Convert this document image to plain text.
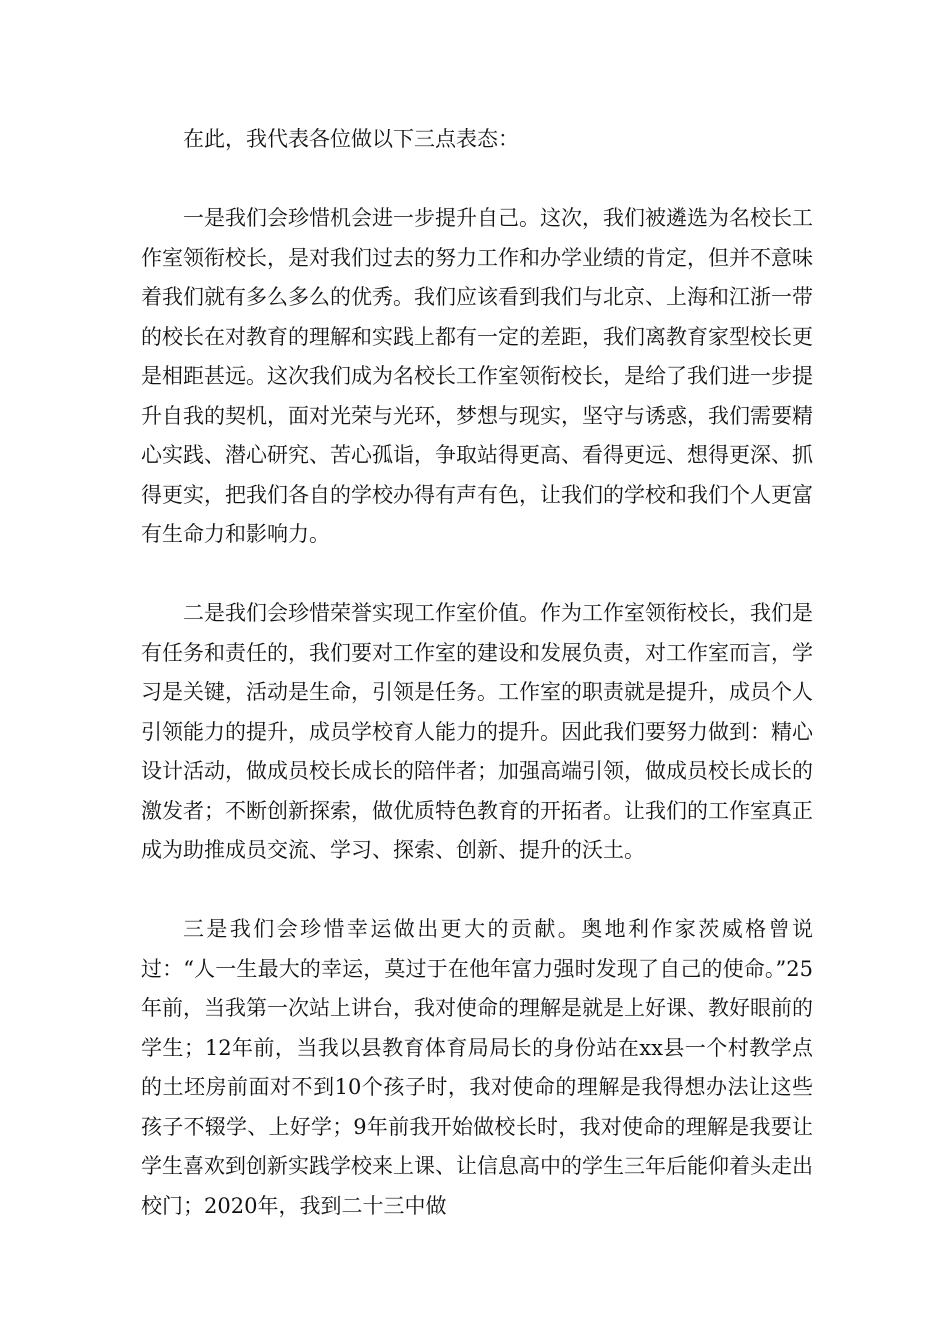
在此，我代表各位做以下三点表态：

一是我们会珍惜机会进一步提升自己。这次，我们被遴选为名校长工作室领衔校长，是对我们过去的努力工作和办学业绩的肯定，但并不意味着我们就有多么多么的优秀。我们应该看到我们与北京、上海和江浙一带的校长在对教育的理解和实践上都有一定的差距，我们离教育家型校长更是相距甚远。这次我们成为名校长工作室领衔校长，是给了我们进一步提升自我的契机，面对光荣与光环，梦想与现实，坚守与诱惑，我们需要精心实践、潜心研究、苦心孤诣，争取站得更高、看得更远、想得更深、抓得更实，把我们各自的学校办得有声有色，让我们的学校和我们个人更富有生命力和影响力。

二是我们会珍惜荣誉实现工作室价值。作为工作室领衔校长，我们是有任务和责任的，我们要对工作室的建设和发展负责，对工作室而言，学习是关键，活动是生命，引领是任务。工作室的职责就是提升，成员个人引领能力的提升，成员学校育人能力的提升。因此我们要努力做到：精心设计活动，做成员校长成长的陪伴者；加强高端引领，做成员校长成长的激发者；不断创新探索，做优质特色教育的开拓者。让我们的工作室真正成为助推成员交流、学习、探索、创新、提升的沃土。

三是我们会珍惜幸运做出更大的贡献。奥地利作家茨威格曾说过：“人一生最大的幸运，莫过于在他年富力强时发现了自己的使命。”25年前，当我第一次站上讲台，我对使命的理解是就是上好课、教好眼前的学生；12年前，当我以县教育体育局局长的身份站在xx县一个村教学点的土坯房前面对不到10个孩子时，我对使命的理解是我得想办法让这些孩子不辍学、上好学；9年前我开始做校长时，我对使命的理解是我要让学生喜欢到创新实践学校来上课、让信息高中的学生三年后能仰着头走出校门；2020年，我到二十三中做
